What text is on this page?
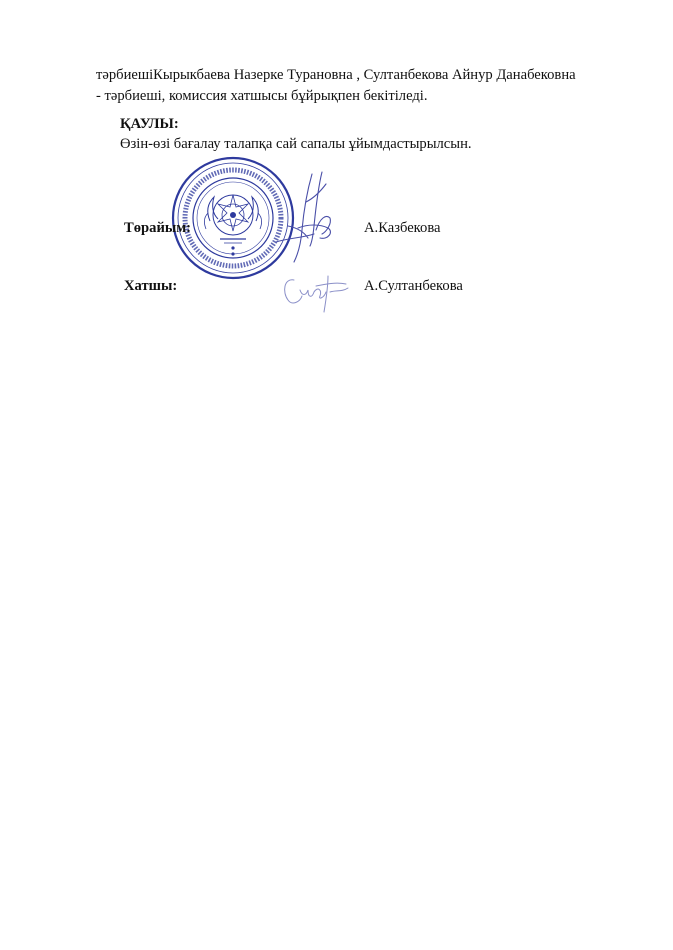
тәрбиешіКырыкбаева Назерке Турановна , Султанбекова Айнур Данабековна
- тәрбиеші, комиссия хатшысы бұйрықпен бекітіледі.
ҚАУЛЫ:
Өзін-өзі бағалау талапқа сай сапалы ұйымдастырылсын.
Төрайым:	А.Казбекова
Хатшы:	А.Султанбекова
